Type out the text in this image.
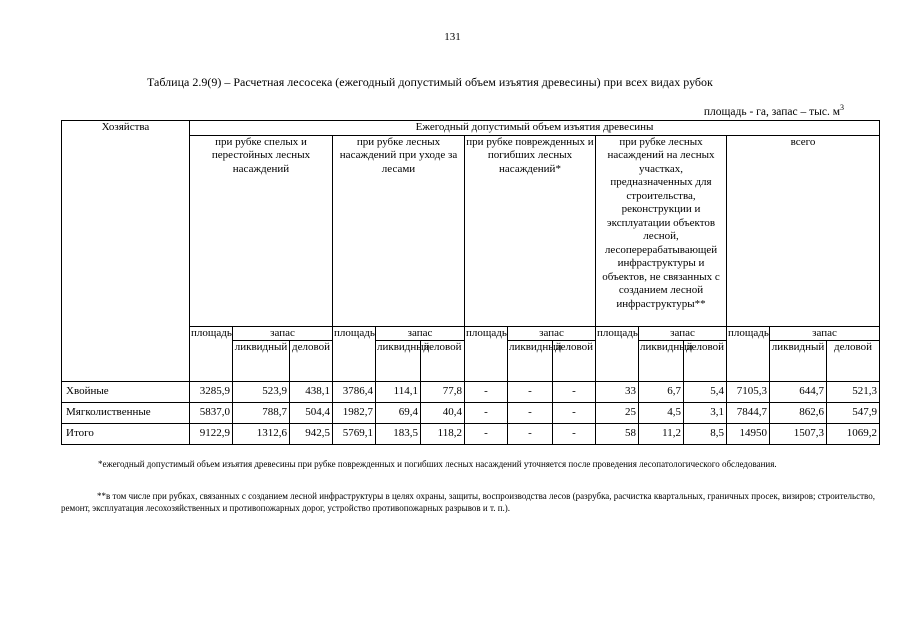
131
Таблица 2.9(9) – Расчетная лесосека (ежегодный допустимый объем изъятия древесины) при всех видах рубок
площадь - га, запас – тыс. $м^3$
Хозяйства	Ежегодный допустимый объем изъятия древесины														
	при рубке спелых и перестойных лесных насаждений			при рубке лесных насаждений при уходе за лесами			при рубке поврежденных и погибших лесных насаждений*			при рубке лесных насаждений на лесных участках, предназначенных для строительства, реконструкции и эксплуатации объектов лесной, лесоперерабатывающей инфраструктуры и объектов, не связанных с созданием лесной инфраструктуры**			всего		
	площадь	запас		площадь	запас		площадь	запас		площадь	запас		площадь	запас	
		ликвидный	деловой		ликвидный	деловой		ликвидный	деловой		ликвидный	деловой		ликвидный	деловой
Хвойные	3285,9	523,9	438,1	3786,4	114,1	77,8	-	-	-	33	6,7	5,4	7105,3	644,7	521,3
Мягколиственные	5837,0	788,7	504,4	1982,7	69,4	40,4	-	-	-	25	4,5	3,1	7844,7	862,6	547,9
Итого	9122,9	1312,6	942,5	5769,1	183,5	118,2	-	-	-	58	11,2	8,5	14950	1507,3	1069,2
*ежегодный допустимый объем изъятия древесины при рубке поврежденных и погибших лесных насаждений уточняется после проведения лесопатологического обследования.
**в том числе при рубках, связанных с созданием лесной инфраструктуры в целях охраны, защиты, воспроизводства лесов (разрубка, расчистка квартальных, граничных просек, визиров; строительство, ремонт, эксплуатация лесохозяйственных и противопожарных дорог, устройство противопожарных разрывов и т. п.).
